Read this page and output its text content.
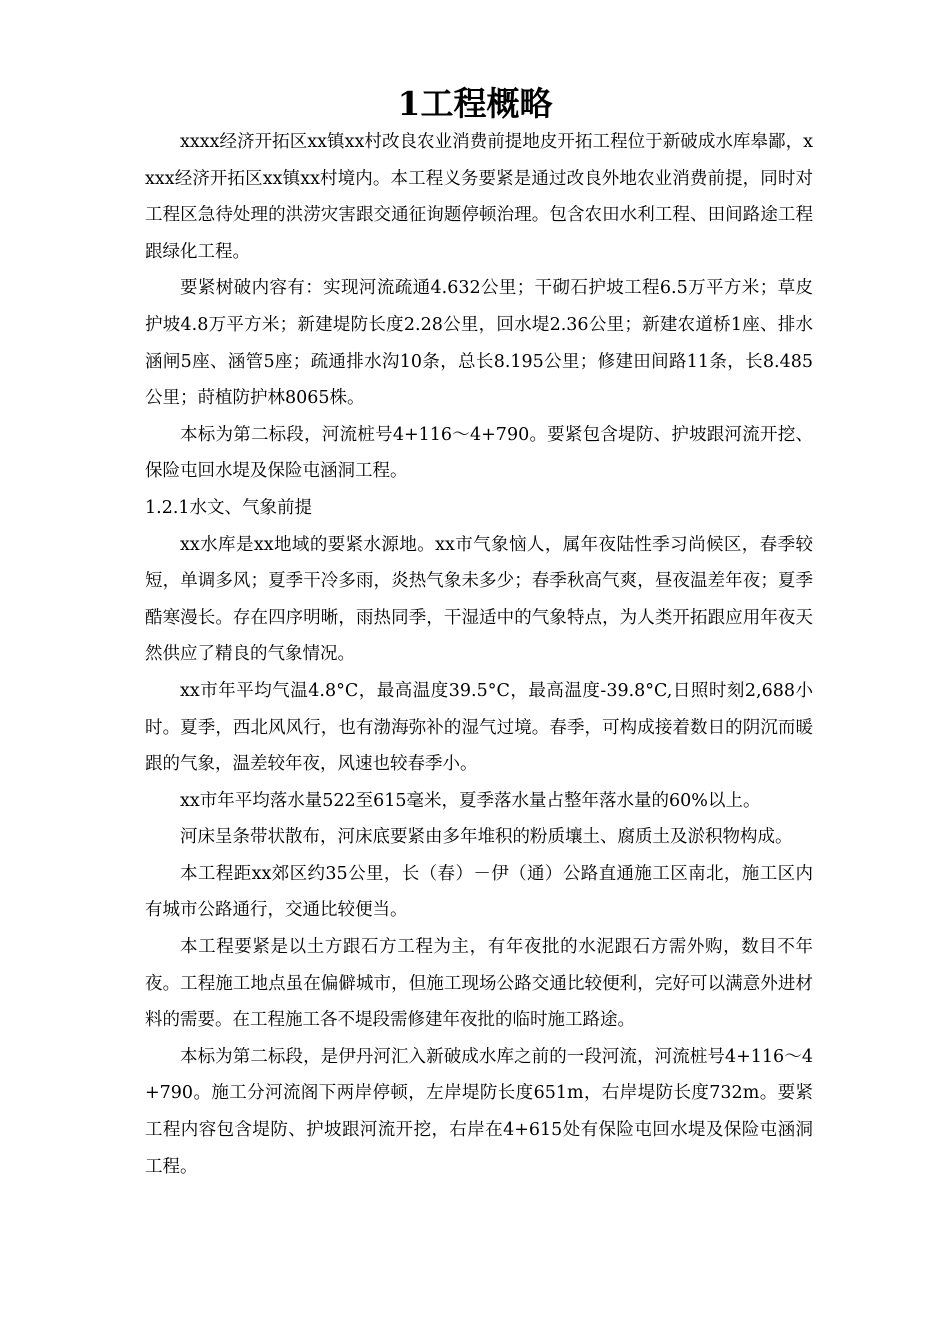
1工程概略

xxxx经济开拓区xx镇xx村改良农业消费前提地皮开拓工程位于新破成水库皋鄙，xxxx经济开拓区xx镇xx村境内。本工程义务要紧是通过改良外地农业消费前提，同时对工程区急待处理的洪涝灾害跟交通征询题停顿治理。包含农田水利工程、田间路途工程跟绿化工程。

要紧树破内容有：实现河流疏通4.632公里；干砌石护坡工程6.5万平方米；草皮护坡4.8万平方米；新建堤防长度2.28公里，回水堤2.36公里；新建农道桥1座、排水涵闸5座、涵管5座；疏通排水沟10条，总长8.195公里；修建田间路11条，长8.485公里；莳植防护林8065株。

本标为第二标段，河流桩号4+116～4+790。要紧包含堤防、护坡跟河流开挖、保险屯回水堤及保险屯涵洞工程。

1.2.1水文、气象前提

xx水库是xx地域的要紧水源地。xx市气象恼人，属年夜陆性季习尚候区，春季较短，单调多风；夏季干冷多雨，炎热气象未多少；春季秋高气爽，昼夜温差年夜；夏季酷寒漫长。存在四序明晰，雨热同季，干湿适中的气象特点，为人类开拓跟应用年夜天然供应了精良的气象情况。

xx市年平均气温4.8°C，最高温度39.5°C，最高温度-39.8°C,日照时刻2,688小时。夏季，西北风风行，也有渤海弥补的湿气过境。春季，可构成接着数日的阴沉而暖跟的气象，温差较年夜，风速也较春季小。

xx市年平均落水量522至615毫米，夏季落水量占整年落水量的60%以上。

河床呈条带状散布，河床底要紧由多年堆积的粉质壤土、腐质土及淤积物构成。

本工程距xx郊区约35公里，长（春）－伊（通）公路直通施工区南北，施工区内有城市公路通行，交通比较便当。

本工程要紧是以土方跟石方工程为主，有年夜批的水泥跟石方需外购，数目不年夜。工程施工地点虽在偏僻城市，但施工现场公路交通比较便利，完好可以满意外进材料的需要。在工程施工各不堤段需修建年夜批的临时施工路途。

本标为第二标段，是伊丹河汇入新破成水库之前的一段河流，河流桩号4+116～4+790。施工分河流阁下两岸停顿，左岸堤防长度651m，右岸堤防长度732m。要紧工程内容包含堤防、护坡跟河流开挖，右岸在4+615处有保险屯回水堤及保险屯涵洞工程。
